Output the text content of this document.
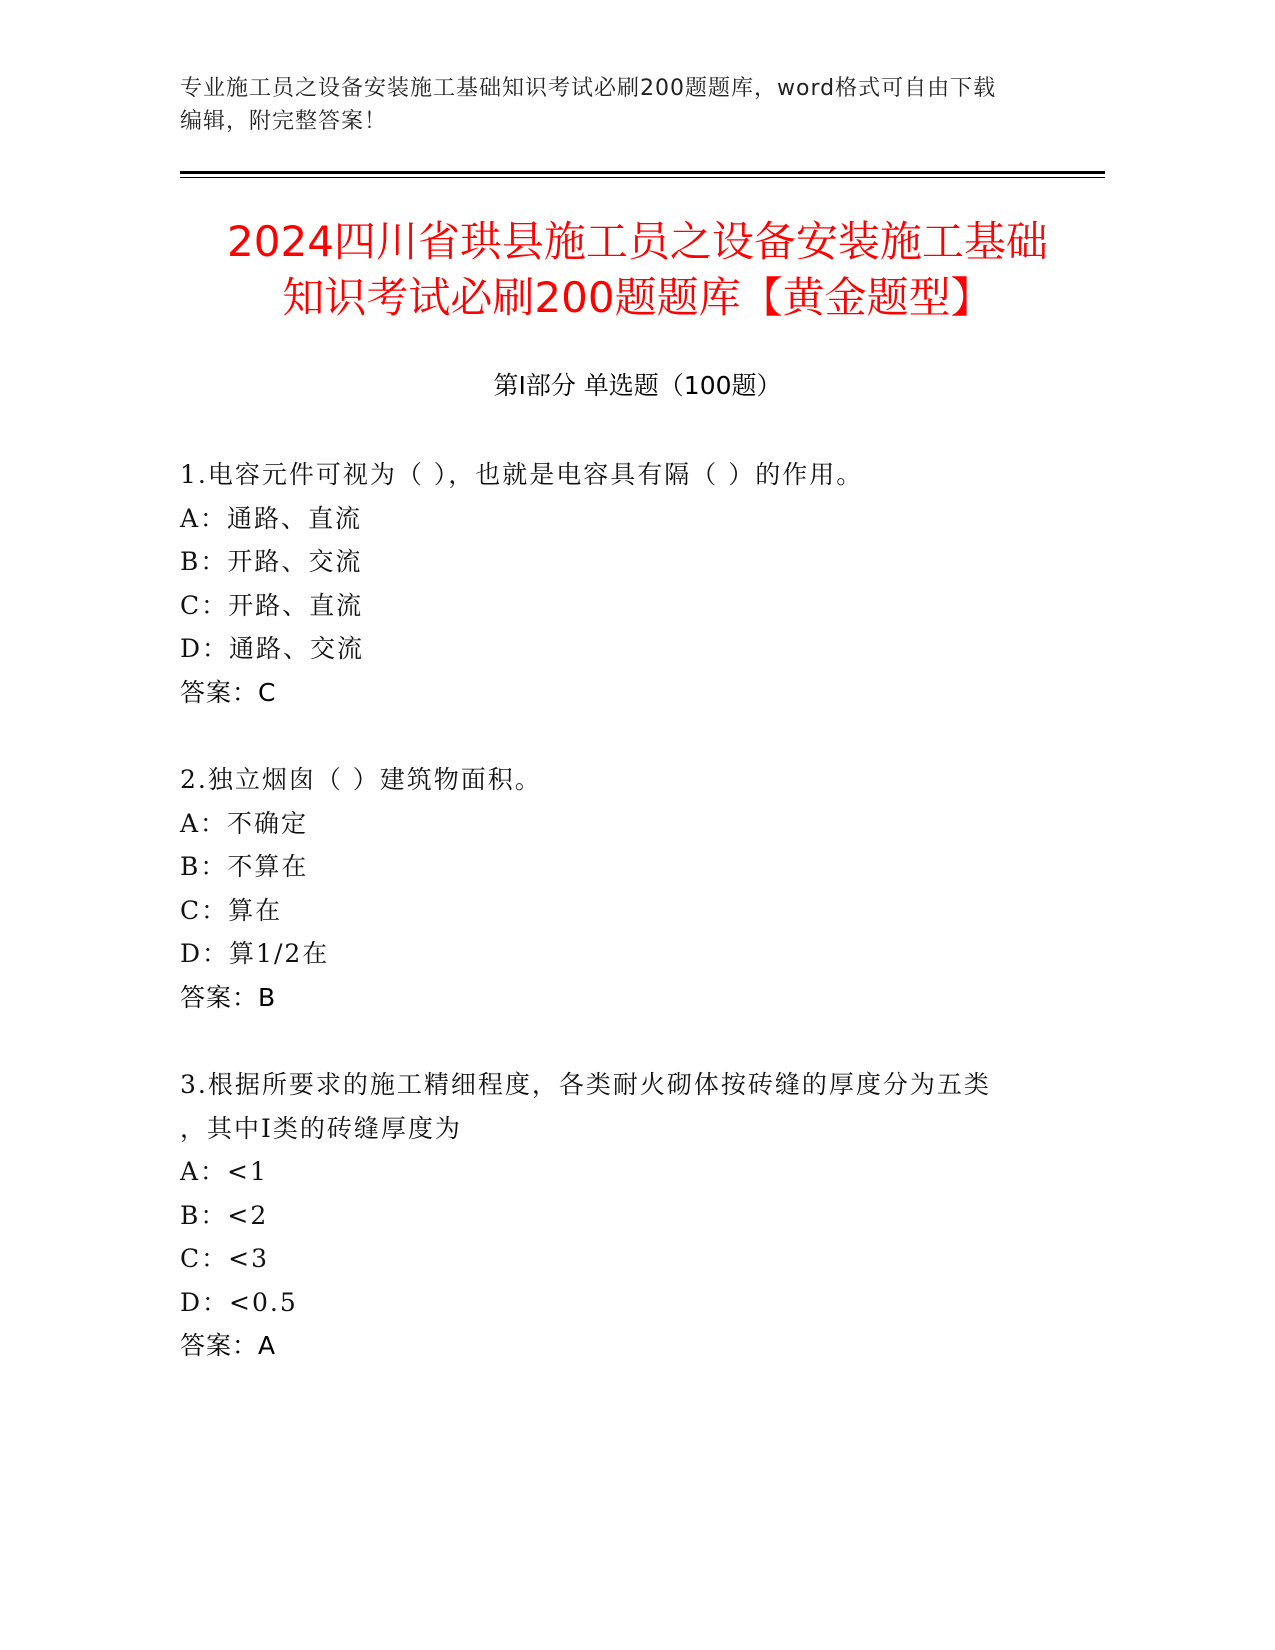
专业施工员之设备安装施工基础知识考试必刷200题题库，word格式可自由下载
编辑，附完整答案！
2024四川省珙县施工员之设备安装施工基础
知识考试必刷200题题库【黄金题型】
第Ⅰ部分 单选题（100题）
1.电容元件可视为（ ），也就是电容具有隔（ ）的作用。
A：通路、直流
B：开路、交流
C：开路、直流
D：通路、交流
答案：C
2.独立烟囱（ ）建筑物面积。
A：不确定
B：不算在
C：算在
D：算1/2在
答案：B
3.根据所要求的施工精细程度，各类耐火砌体按砖缝的厚度分为五类
，其中Ⅰ类的砖缝厚度为
A：<1
B：<2
C：<3
D：<0.5
答案：A
